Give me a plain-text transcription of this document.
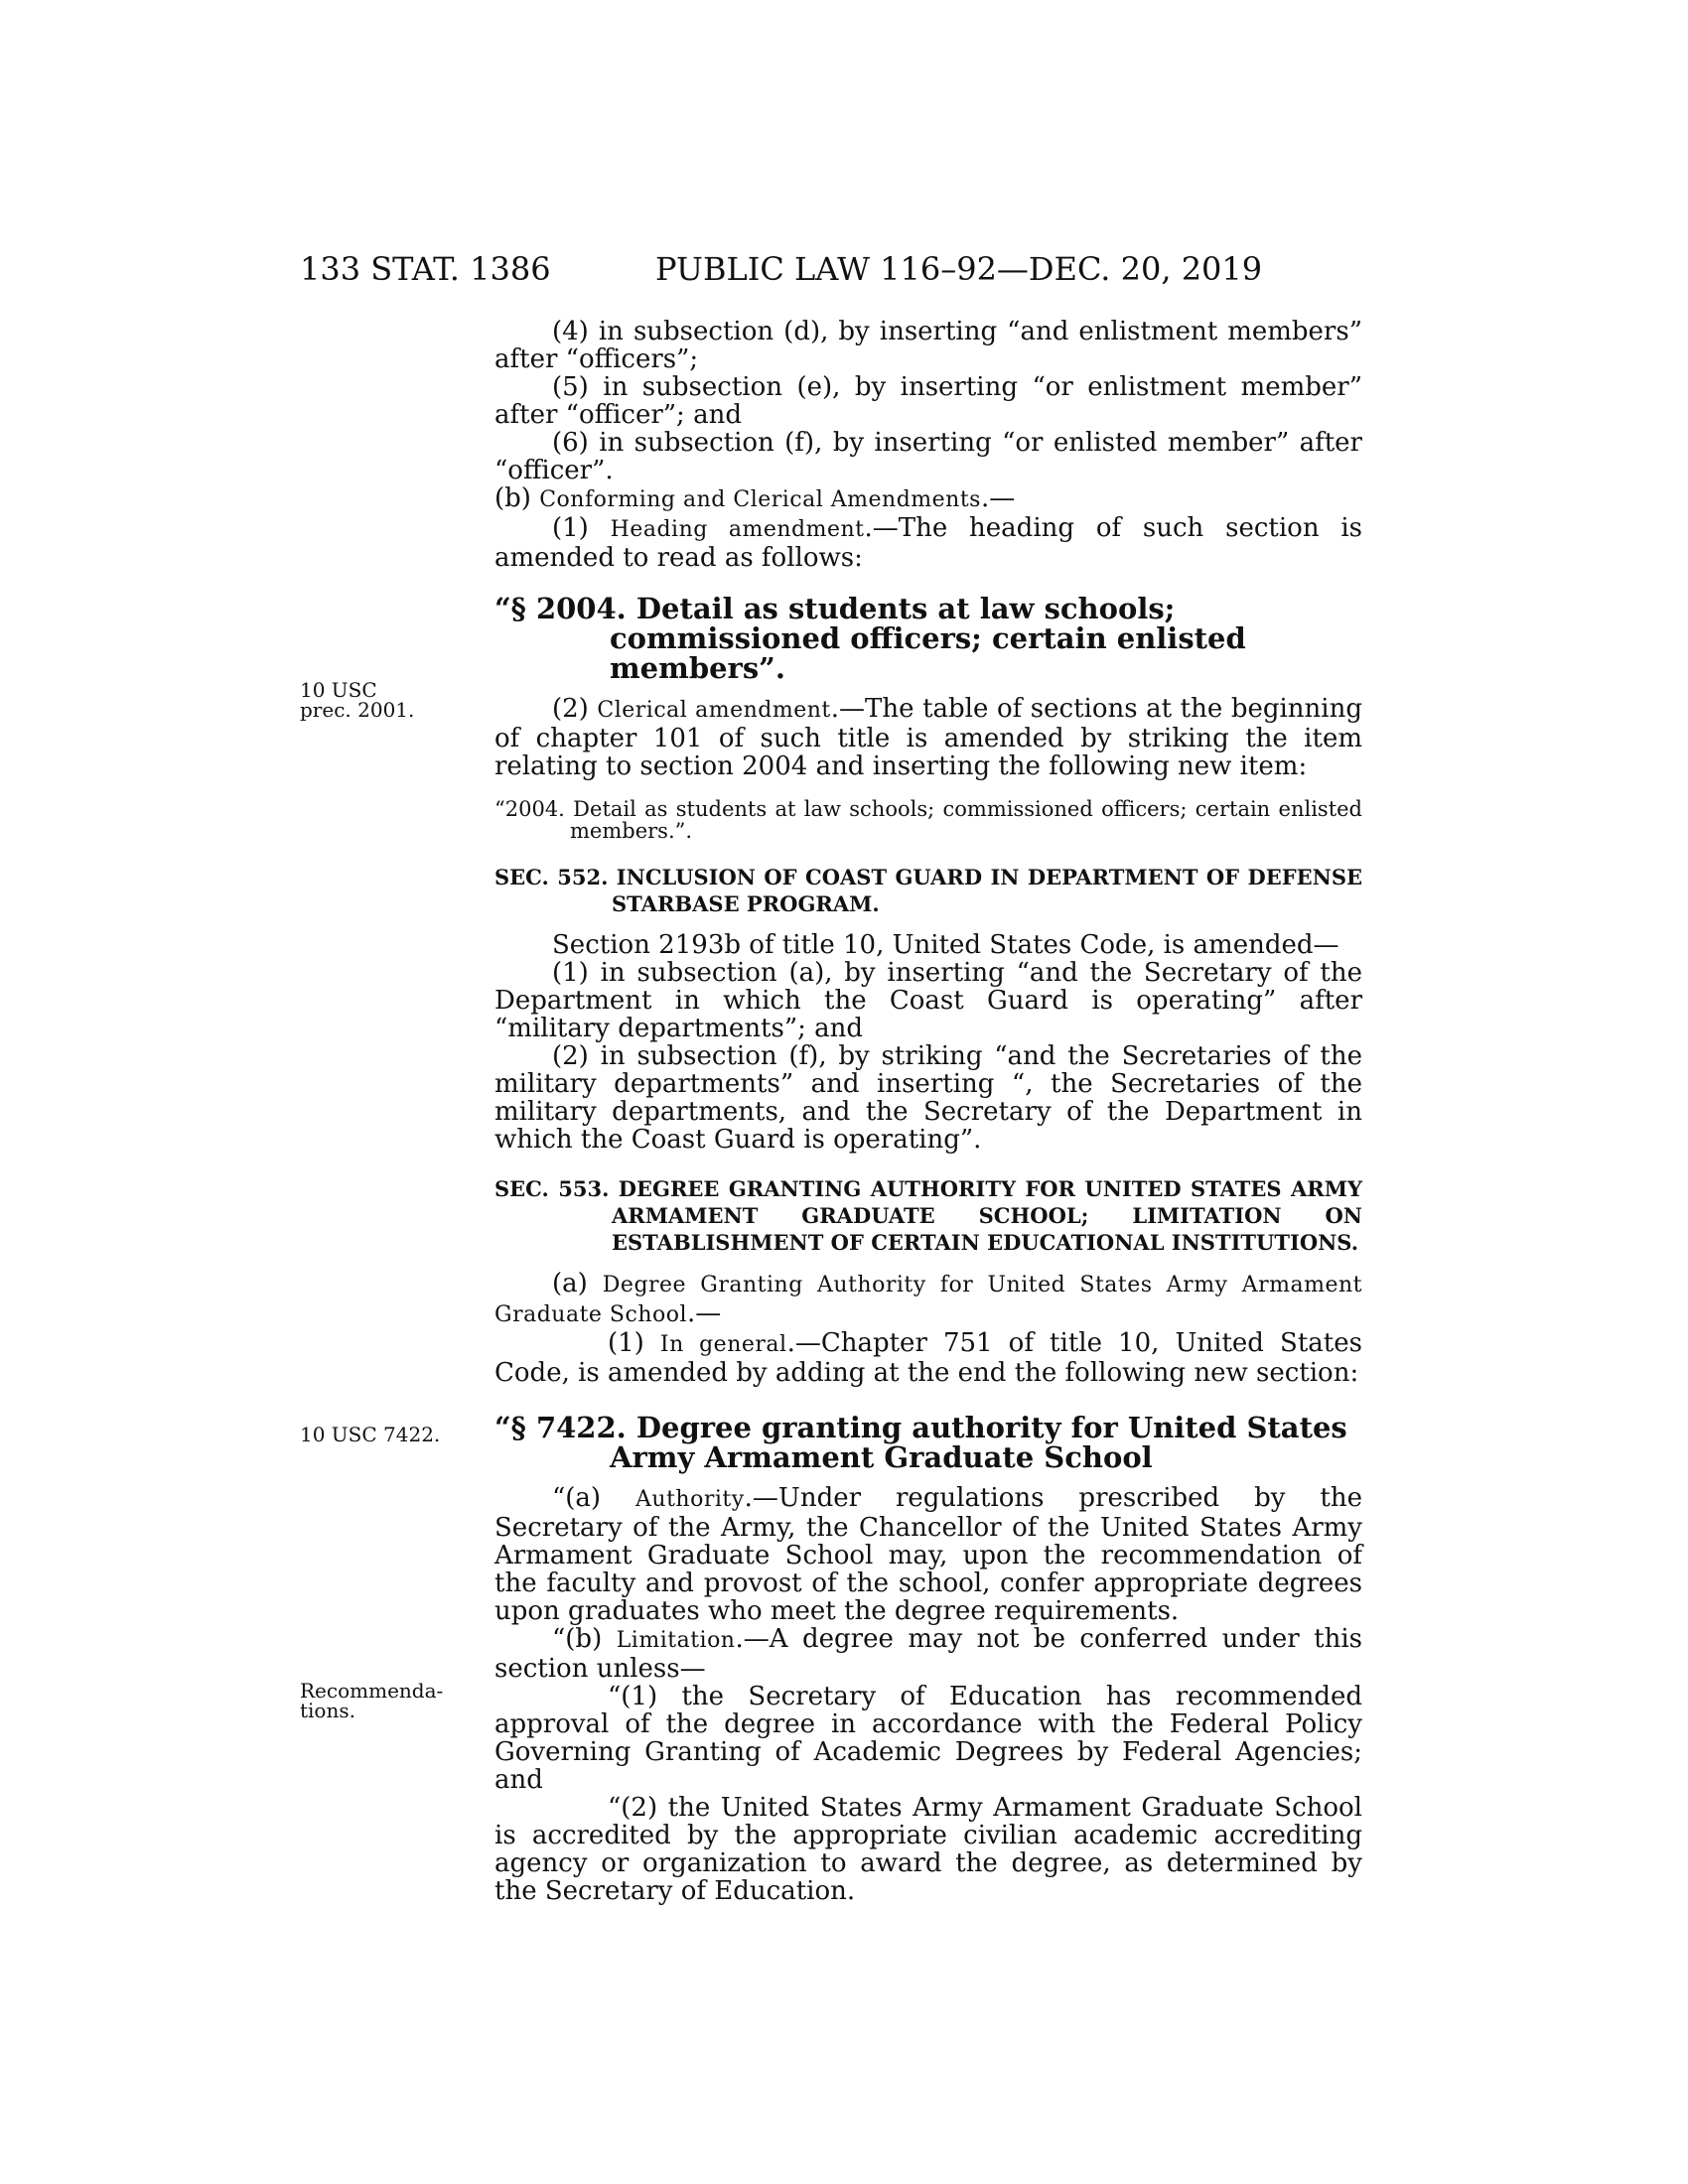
133 STAT. 1386	PUBLIC LAW 116–92—DEC. 20, 2019
10 USC
prec. 2001.
10 USC 7422.
Recommenda-
tions.

(4) in subsection (d), by inserting “and enlistment members” after “officers”;

(5) in subsection (e), by inserting “or enlistment member” after “officer”; and

(6) in subsection (f), by inserting “or enlisted member” after “officer”.

(b) Conforming and Clerical Amendments.—

(1) Heading amendment.—The heading of such section is amended to read as follows:

“§ 2004. Detail as students at law schools; commissioned officers; certain enlisted members”.

(2) Clerical amendment.—The table of sections at the beginning of chapter 101 of such title is amended by striking the item relating to section 2004 and inserting the following new item:

“2004. Detail as students at law schools; commissioned officers; certain enlisted members.”.
SEC. 552. INCLUSION OF COAST GUARD IN DEPARTMENT OF DEFENSE STARBASE PROGRAM.

Section 2193b of title 10, United States Code, is amended—

(1) in subsection (a), by inserting “and the Secretary of the Department in which the Coast Guard is operating” after “military departments”; and

(2) in subsection (f), by striking “and the Secretaries of the military departments” and inserting “, the Secretaries of the military departments, and the Secretary of the Department in which the Coast Guard is operating”.

SEC. 553. DEGREE GRANTING AUTHORITY FOR UNITED STATES ARMY ARMAMENT GRADUATE SCHOOL; LIMITATION ON ESTABLISHMENT OF CERTAIN EDUCATIONAL INSTITUTIONS.

(a) Degree Granting Authority for United States Army Armament Graduate School.—

(1) In general.—Chapter 751 of title 10, United States Code, is amended by adding at the end the following new section:

“§ 7422. Degree granting authority for United States Army Armament Graduate School

“(a) Authority.—Under regulations prescribed by the Secretary of the Army, the Chancellor of the United States Army Armament Graduate School may, upon the recommendation of the faculty and provost of the school, confer appropriate degrees upon graduates who meet the degree requirements.

“(b) Limitation.—A degree may not be conferred under this section unless—

“(1) the Secretary of Education has recommended approval of the degree in accordance with the Federal Policy Governing Granting of Academic Degrees by Federal Agencies; and

“(2) the United States Army Armament Graduate School is accredited by the appropriate civilian academic accrediting agency or organization to award the degree, as determined by the Secretary of Education.
